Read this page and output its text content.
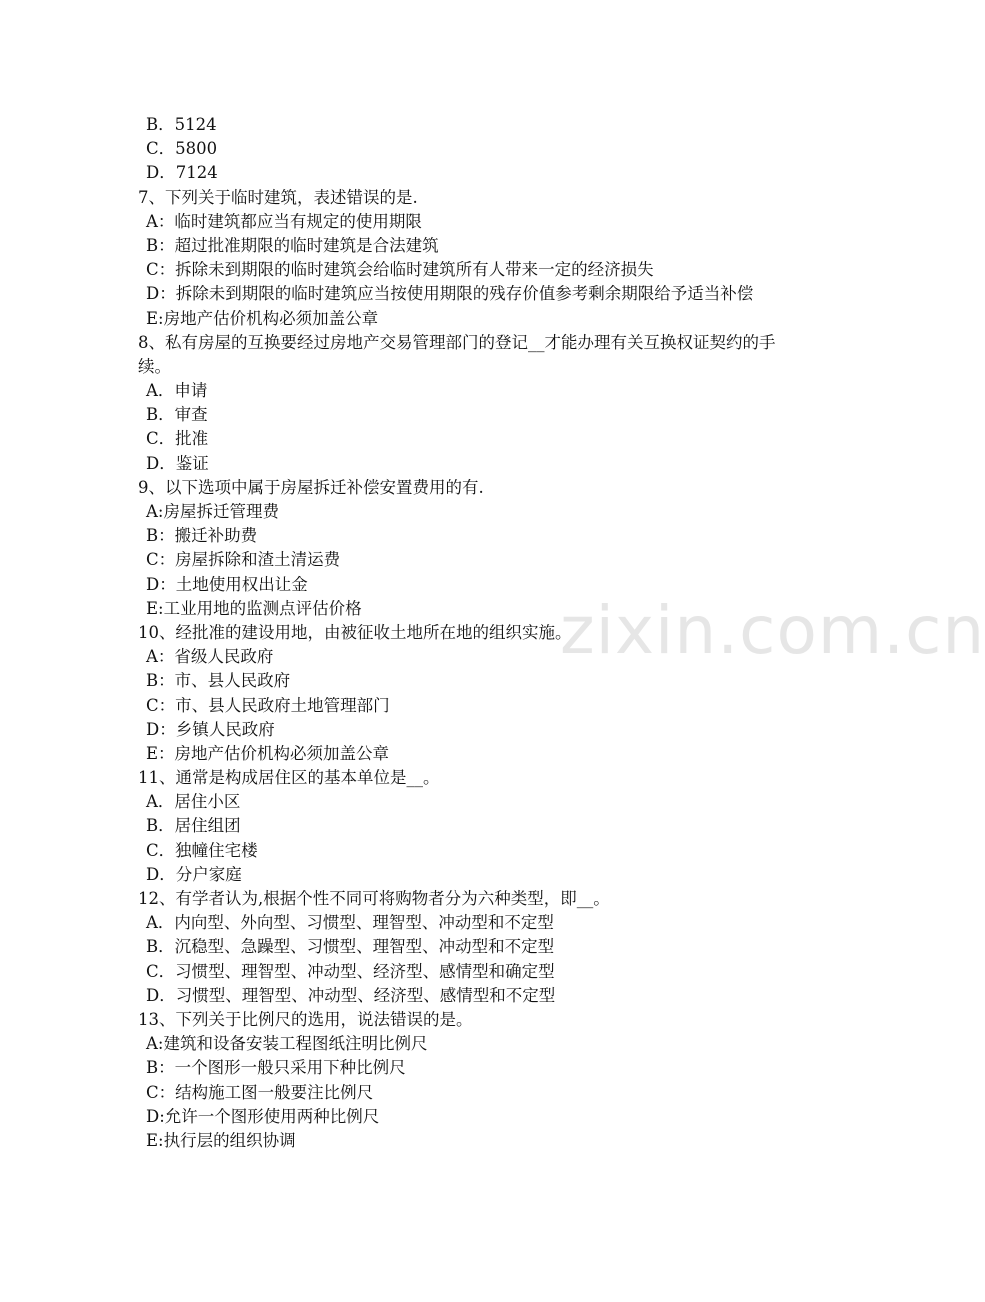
zixin.com.cn
B．5124
C．5800
D．7124
7、下列关于临时建筑，表述错误的是.
A：临时建筑都应当有规定的使用期限
B：超过批准期限的临时建筑是合法建筑
C：拆除未到期限的临时建筑会给临时建筑所有人带来一定的经济损失
D：拆除未到期限的临时建筑应当按使用期限的残存价值参考剩余期限给予适当补偿
E:房地产估价机构必须加盖公章
8、私有房屋的互换要经过房地产交易管理部门的登记__才能办理有关互换权证契约的手续。
A．申请
B．审查
C．批准
D．鉴证
9、以下选项中属于房屋拆迁补偿安置费用的有.
A:房屋拆迁管理费
B：搬迁补助费
C：房屋拆除和渣土清运费
D：土地使用权出让金
E:工业用地的监测点评估价格
10、经批准的建设用地，由被征收土地所在地的组织实施。
A：省级人民政府
B：市、县人民政府
C：市、县人民政府土地管理部门
D：乡镇人民政府
E：房地产估价机构必须加盖公章
11、通常是构成居住区的基本单位是__。
A．居住小区
B．居住组团
C．独幢住宅楼
D．分户家庭
12、有学者认为,根据个性不同可将购物者分为六种类型，即__。
A．内向型、外向型、习惯型、理智型、冲动型和不定型
B．沉稳型、急躁型、习惯型、理智型、冲动型和不定型
C．习惯型、理智型、冲动型、经济型、感情型和确定型
D．习惯型、理智型、冲动型、经济型、感情型和不定型
13、下列关于比例尺的选用，说法错误的是。
A:建筑和设备安装工程图纸注明比例尺
B：一个图形一般只采用下种比例尺
C：结构施工图一般要注比例尺
D:允许一个图形使用两种比例尺
E:执行层的组织协调
